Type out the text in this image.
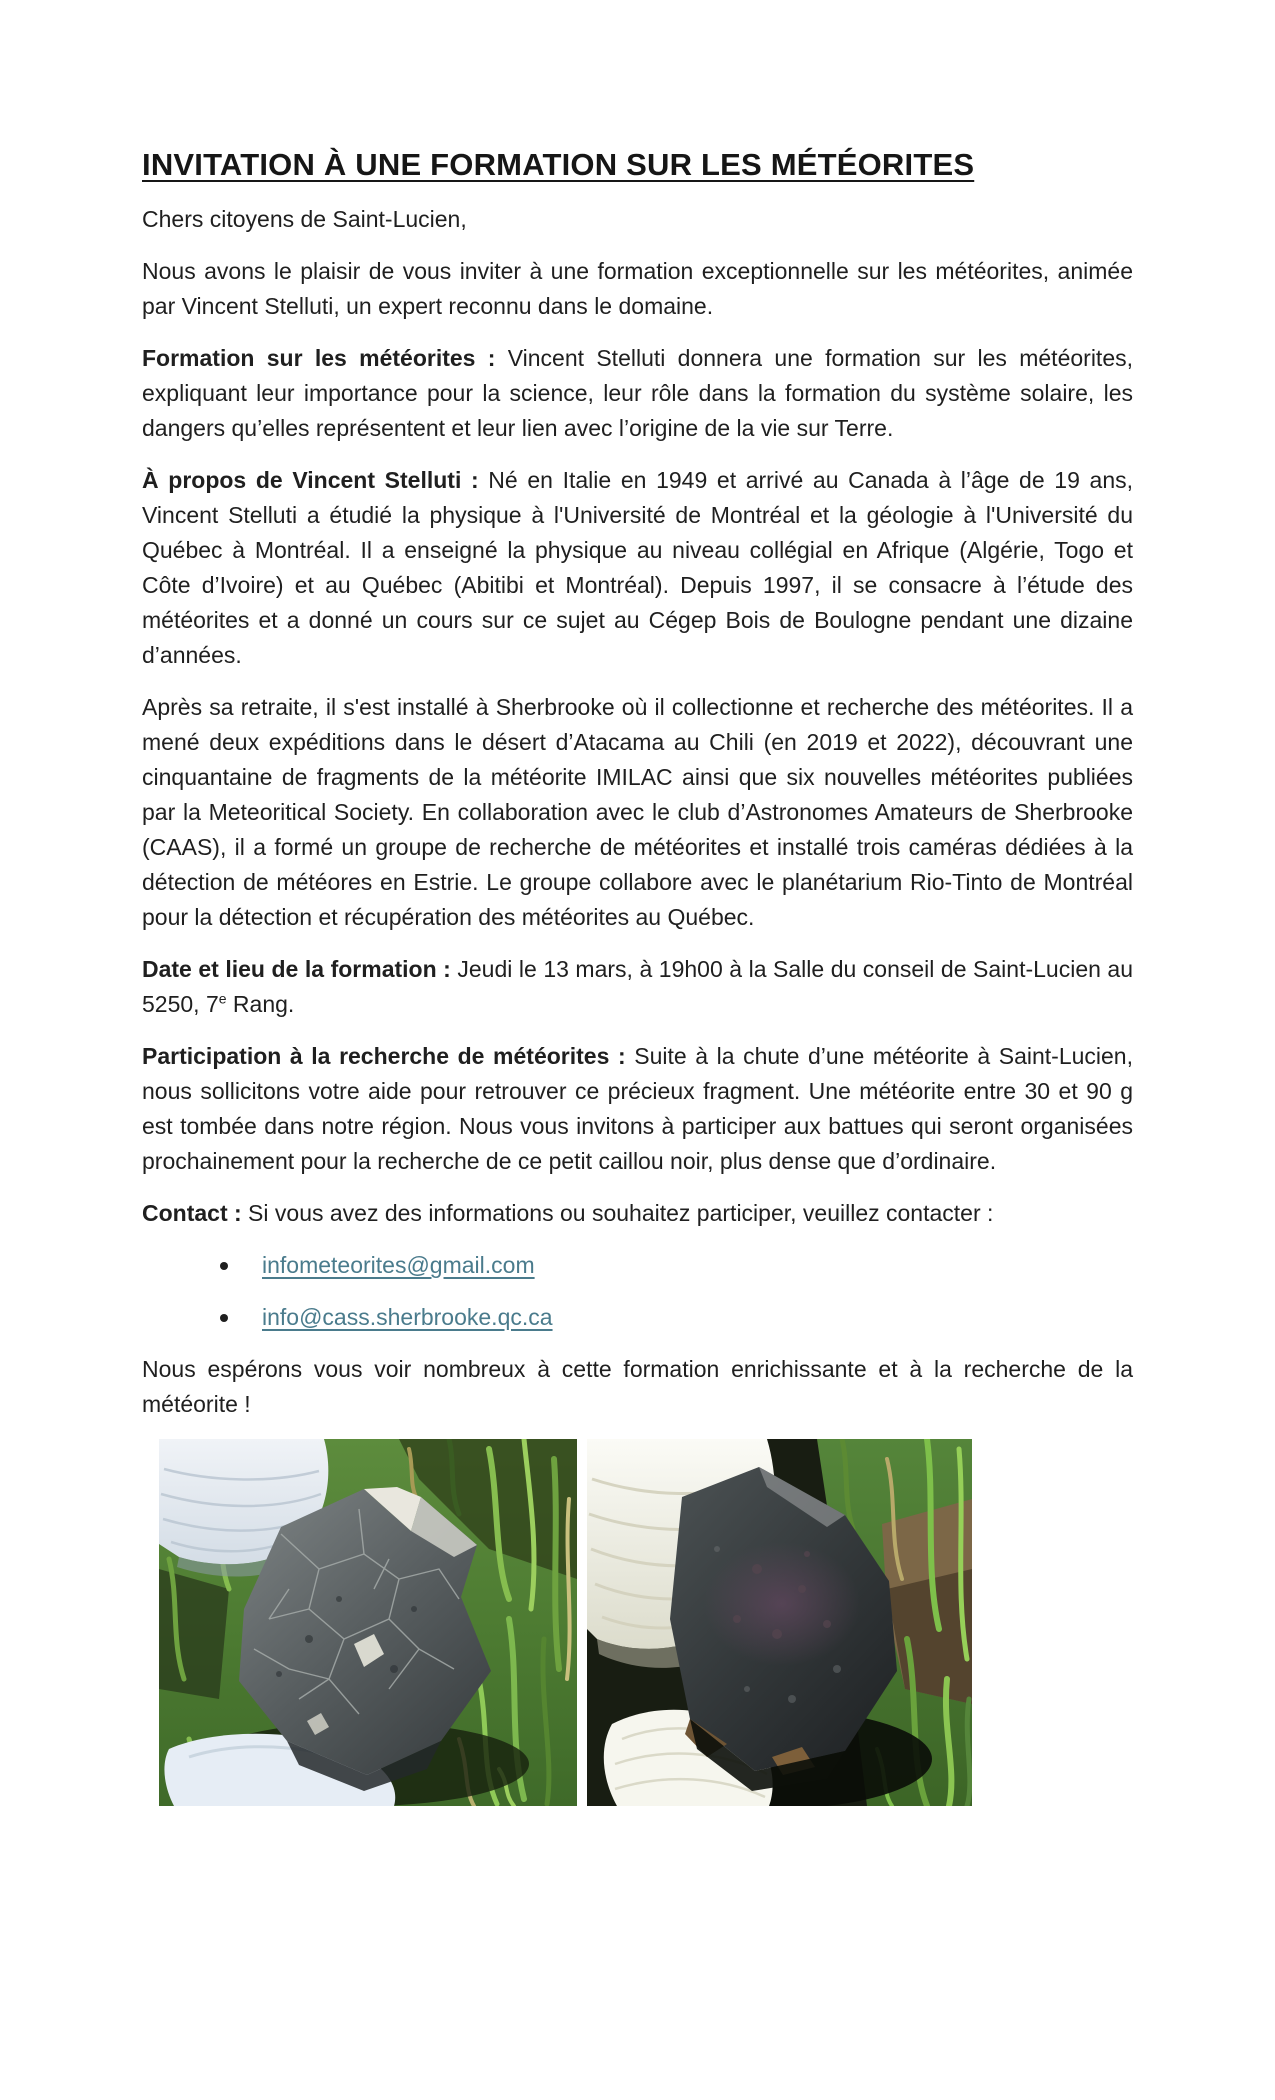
INVITATION À UNE FORMATION SUR LES MÉTÉORITES

Chers citoyens de Saint-Lucien,

Nous avons le plaisir de vous inviter à une formation exceptionnelle sur les météorites, animée par Vincent Stelluti, un expert reconnu dans le domaine.

Formation sur les météorites : Vincent Stelluti donnera une formation sur les météorites, expliquant leur importance pour la science, leur rôle dans la formation du système solaire, les dangers qu’elles représentent et leur lien avec l’origine de la vie sur Terre.

À propos de Vincent Stelluti : Né en Italie en 1949 et arrivé au Canada à l’âge de 19 ans, Vincent Stelluti a étudié la physique à l'Université de Montréal et la géologie à l'Université du Québec à Montréal. Il a enseigné la physique au niveau collégial en Afrique (Algérie, Togo et Côte d’Ivoire) et au Québec (Abitibi et Montréal). Depuis 1997, il se consacre à l’étude des météorites et a donné un cours sur ce sujet au Cégep Bois de Boulogne pendant une dizaine d’années.

Après sa retraite, il s'est installé à Sherbrooke où il collectionne et recherche des météorites. Il a mené deux expéditions dans le désert d’Atacama au Chili (en 2019 et 2022), découvrant une cinquantaine de fragments de la météorite IMILAC ainsi que six nouvelles météorites publiées par la Meteoritical Society. En collaboration avec le club d’Astronomes Amateurs de Sherbrooke (CAAS), il a formé un groupe de recherche de météorites et installé trois caméras dédiées à la détection de météores en Estrie. Le groupe collabore avec le planétarium Rio-Tinto de Montréal pour la détection et récupération des météorites au Québec.

Date et lieu de la formation : Jeudi le 13 mars, à 19h00 à la Salle du conseil de Saint-Lucien au 5250, 7e Rang.

Participation à la recherche de météorites : Suite à la chute d’une météorite à Saint-Lucien, nous sollicitons votre aide pour retrouver ce précieux fragment. Une météorite entre 30 et 90 g est tombée dans notre région. Nous vous invitons à participer aux battues qui seront organisées prochainement pour la recherche de ce petit caillou noir, plus dense que d’ordinaire.

Contact : Si vous avez des informations ou souhaitez participer, veuillez contacter :

infometeorites@gmail.com
info@cass.sherbrooke.qc.ca

Nous espérons vous voir nombreux à cette formation enrichissante et à la recherche de la météorite !
